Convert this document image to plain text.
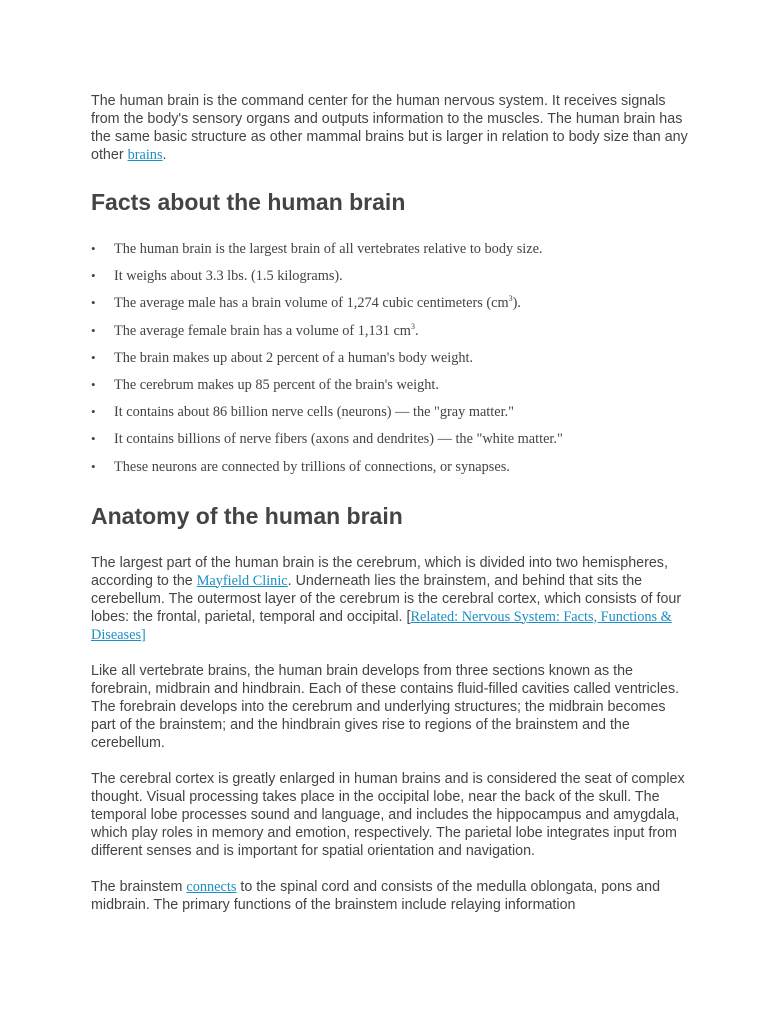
The human brain is the command center for the human nervous system. It receives signals from the body's sensory organs and outputs information to the muscles. The human brain has the same basic structure as other mammal brains but is larger in relation to body size than any other brains.

Facts about the human brain
• The human brain is the largest brain of all vertebrates relative to body size.
• It weighs about 3.3 lbs. (1.5 kilograms).
• The average male has a brain volume of 1,274 cubic centimeters $(cm^3)$.
• The average female brain has a volume of 1,131 $cm^3$.
• The brain makes up about 2 percent of a human's body weight.
• The cerebrum makes up 85 percent of the brain's weight.
• It contains about 86 billion nerve cells (neurons) — the "gray matter."
• It contains billions of nerve fibers (axons and dendrites) — the "white matter."
• These neurons are connected by trillions of connections, or synapses.
Anatomy of the human brain

The largest part of the human brain is the cerebrum, which is divided into two hemispheres, according to the Mayfield Clinic. Underneath lies the brainstem, and behind that sits the cerebellum. The outermost layer of the cerebrum is the cerebral cortex, which consists of four lobes: the frontal, parietal, temporal and occipital. [Related: Nervous System: Facts, Functions & Diseases]

Like all vertebrate brains, the human brain develops from three sections known as the forebrain, midbrain and hindbrain. Each of these contains fluid-filled cavities called ventricles. The forebrain develops into the cerebrum and underlying structures; the midbrain becomes part of the brainstem; and the hindbrain gives rise to regions of the brainstem and the cerebellum.

The cerebral cortex is greatly enlarged in human brains and is considered the seat of complex thought. Visual processing takes place in the occipital lobe, near the back of the skull. The temporal lobe processes sound and language, and includes the hippocampus and amygdala, which play roles in memory and emotion, respectively. The parietal lobe integrates input from different senses and is important for spatial orientation and navigation.

The brainstem connects to the spinal cord and consists of the medulla oblongata, pons and midbrain. The primary functions of the brainstem include relaying information
